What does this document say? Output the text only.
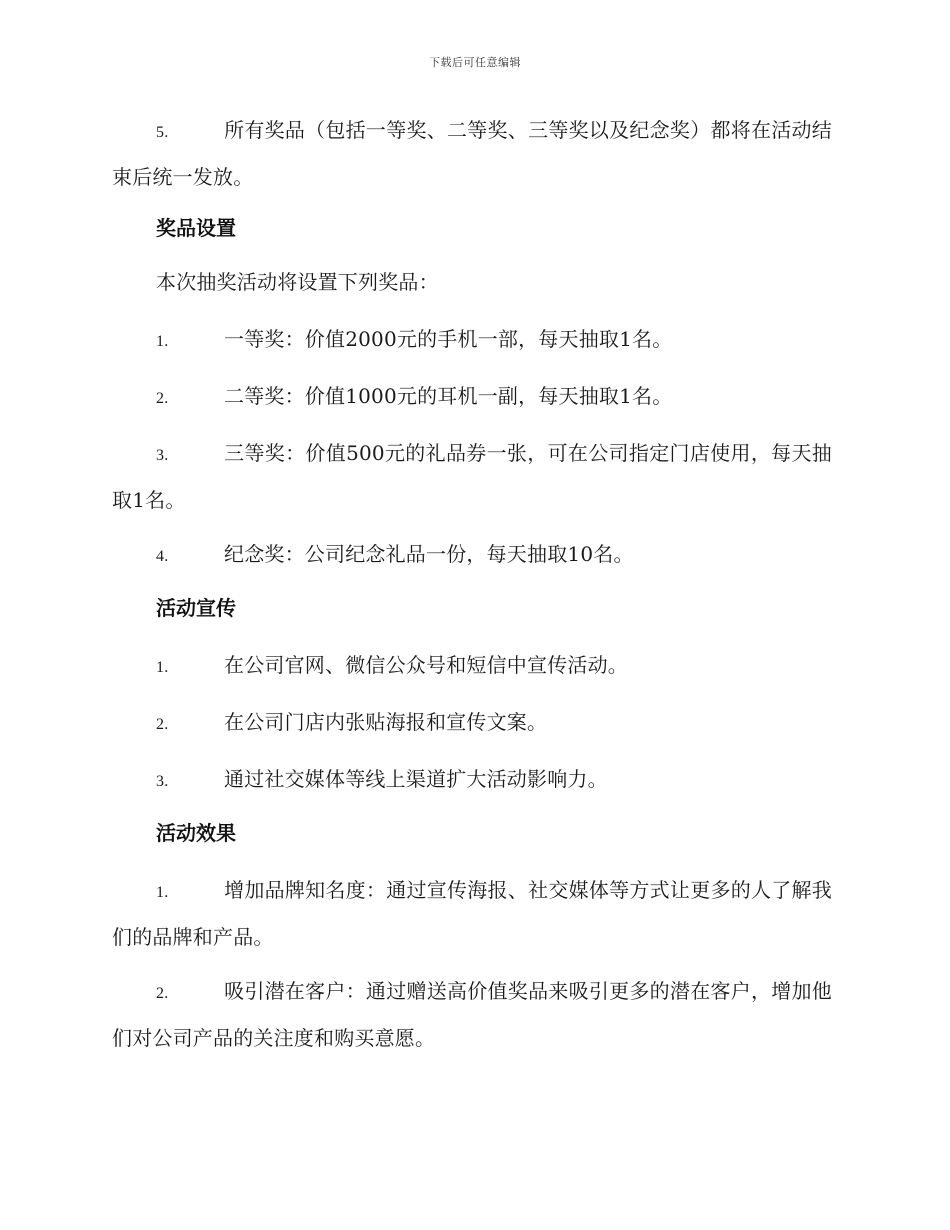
下载后可任意编辑

5.	所有奖品（包括一等奖、二等奖、三等奖以及纪念奖）都将在活动结束后统一发放。

奖品设置

本次抽奖活动将设置下列奖品：

1.	一等奖：价值2000元的手机一部，每天抽取1名。

2.	二等奖：价值1000元的耳机一副，每天抽取1名。

3.	三等奖：价值500元的礼品券一张，可在公司指定门店使用，每天抽取1名。

4.	纪念奖：公司纪念礼品一份，每天抽取10名。

活动宣传

1.	在公司官网、微信公众号和短信中宣传活动。

2.	在公司门店内张贴海报和宣传文案。

3.	通过社交媒体等线上渠道扩大活动影响力。

活动效果

1.	增加品牌知名度：通过宣传海报、社交媒体等方式让更多的人了解我们的品牌和产品。

2.	吸引潜在客户：通过赠送高价值奖品来吸引更多的潜在客户，增加他们对公司产品的关注度和购买意愿。
